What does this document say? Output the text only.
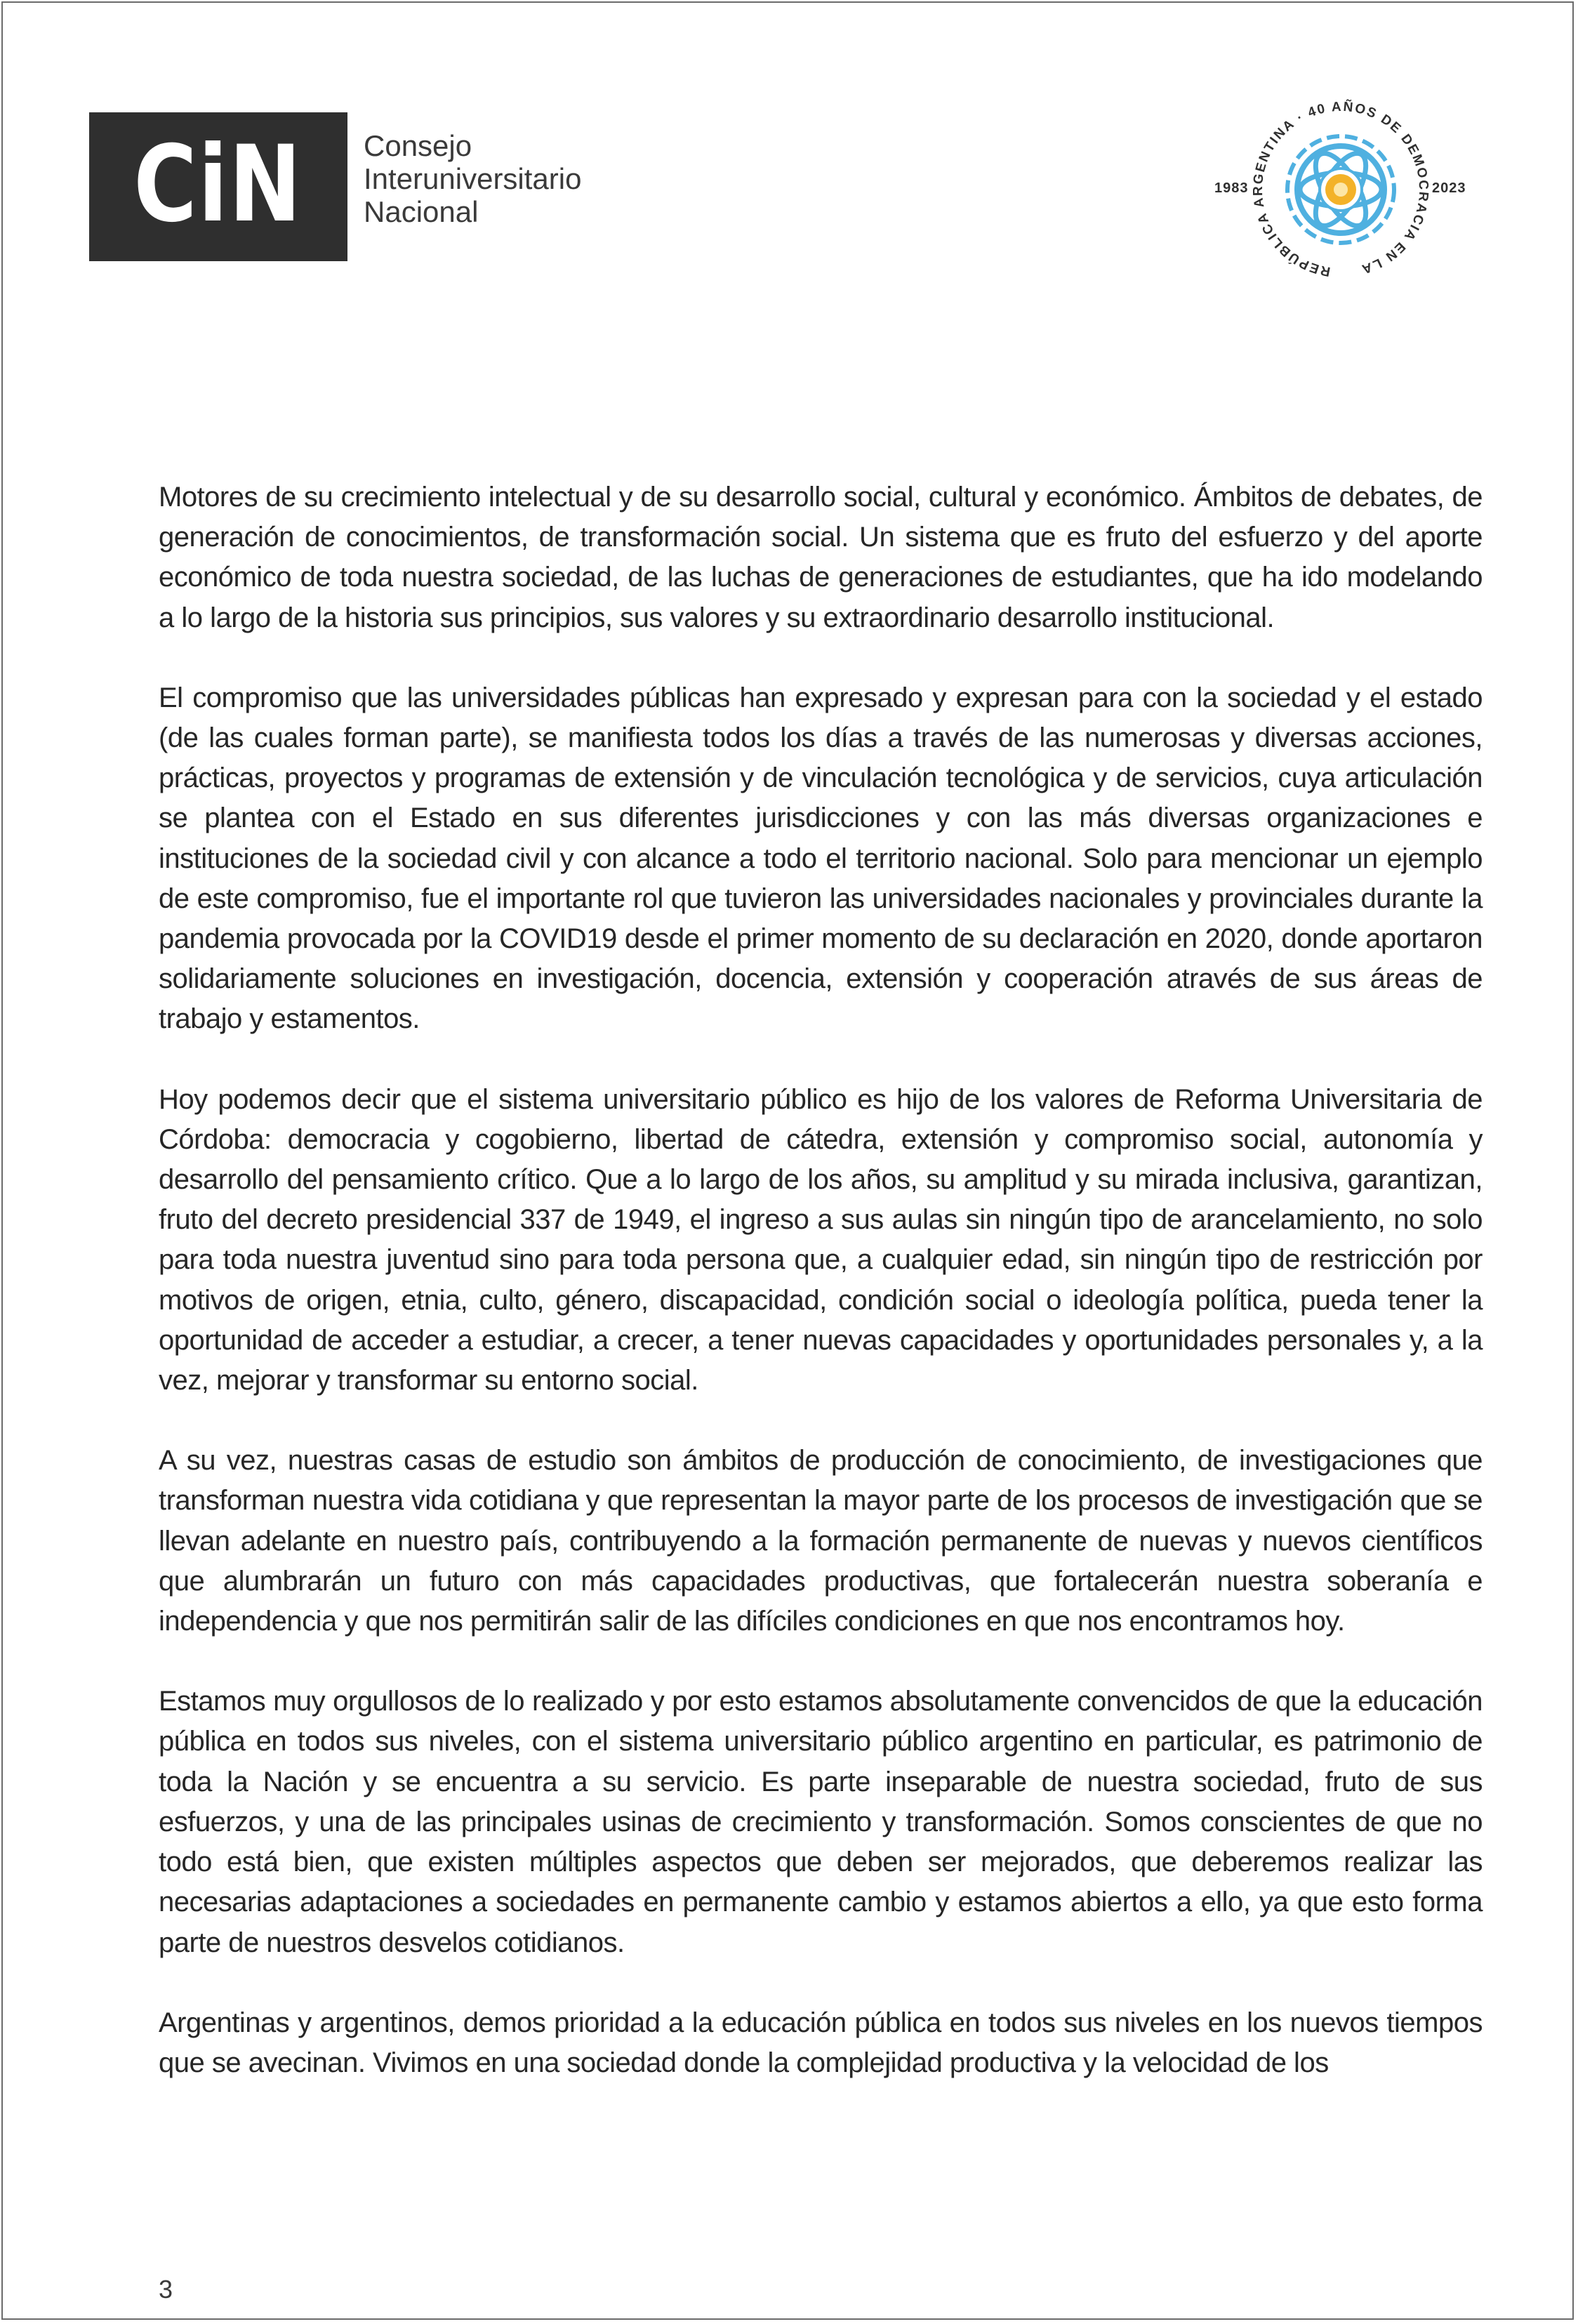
CiN Consejo
Interuniversitario
Nacional
REPÚBLICA ARGENTINA · 40 AÑOS DE DEMOCRACIA EN LA
1983	2023

Motores de su crecimiento intelectual y de su desarrollo social, cultural y económico. Ámbitos de debates, de generación de conocimientos, de transformación social. Un sistema que es fruto del esfuerzo y del aporte económico de toda nuestra sociedad, de las luchas de generaciones de estudiantes, que ha ido modelando a lo largo de la historia sus principios, sus valores y su extraordinario desarrollo institucional.

El compromiso que las universidades públicas han expresado y expresan para con la sociedad y el estado (de las cuales forman parte), se manifiesta todos los días a través de las numerosas y diversas acciones, prácticas, proyectos y programas de extensión y de vinculación tecnológica y de servicios, cuya articulación se plantea con el Estado en sus diferentes jurisdicciones y con las más diversas organizaciones e instituciones de la sociedad civil y con alcance a todo el territorio nacional. Solo para mencionar un ejemplo de este compromiso, fue el importante rol que tuvieron las universidades nacionales y provinciales durante la pandemia provocada por la COVID19 desde el primer momento de su declaración en 2020, donde aportaron solidariamente soluciones en investigación, docencia, extensión y cooperación através de sus áreas de trabajo y estamentos.

Hoy podemos decir que el sistema universitario público es hijo de los valores de Reforma Universitaria de Córdoba: democracia y cogobierno, libertad de cátedra, extensión y compromiso social, autonomía y desarrollo del pensamiento crítico. Que a lo largo de los años, su amplitud y su mirada inclusiva, garantizan, fruto del decreto presidencial 337 de 1949, el ingreso a sus aulas sin ningún tipo de arancelamiento, no solo para toda nuestra juventud sino para toda persona que, a cualquier edad, sin ningún tipo de restricción por motivos de origen, etnia, culto, género, discapacidad, condición social o ideología política, pueda tener la oportunidad de acceder a estudiar, a crecer, a tener nuevas capacidades y oportunidades personales y, a la vez, mejorar y transformar su entorno social.

A su vez, nuestras casas de estudio son ámbitos de producción de conocimiento, de investigaciones que transforman nuestra vida cotidiana y que representan la mayor parte de los procesos de investigación que se llevan adelante en nuestro país, contribuyendo a la formación permanente de nuevas y nuevos científicos que alumbrarán un futuro con más capacidades productivas, que fortalecerán nuestra soberanía e independencia y que nos permitirán salir de las difíciles condiciones en que nos encontramos hoy.

Estamos muy orgullosos de lo realizado y por esto estamos absolutamente convencidos de que la educación pública en todos sus niveles, con el sistema universitario público argentino en particular, es patrimonio de toda la Nación y se encuentra a su servicio. Es parte inseparable de nuestra sociedad, fruto de sus esfuerzos, y una de las principales usinas de crecimiento y transformación. Somos conscientes de que no todo está bien, que existen múltiples aspectos que deben ser mejorados, que deberemos realizar las necesarias adaptaciones a sociedades en permanente cambio y estamos abiertos a ello, ya que esto forma parte de nuestros desvelos cotidianos.

Argentinas y argentinos, demos prioridad a la educación pública en todos sus niveles en los nuevos tiempos que se avecinan. Vivimos en una sociedad donde la complejidad productiva y la velocidad de los

3
